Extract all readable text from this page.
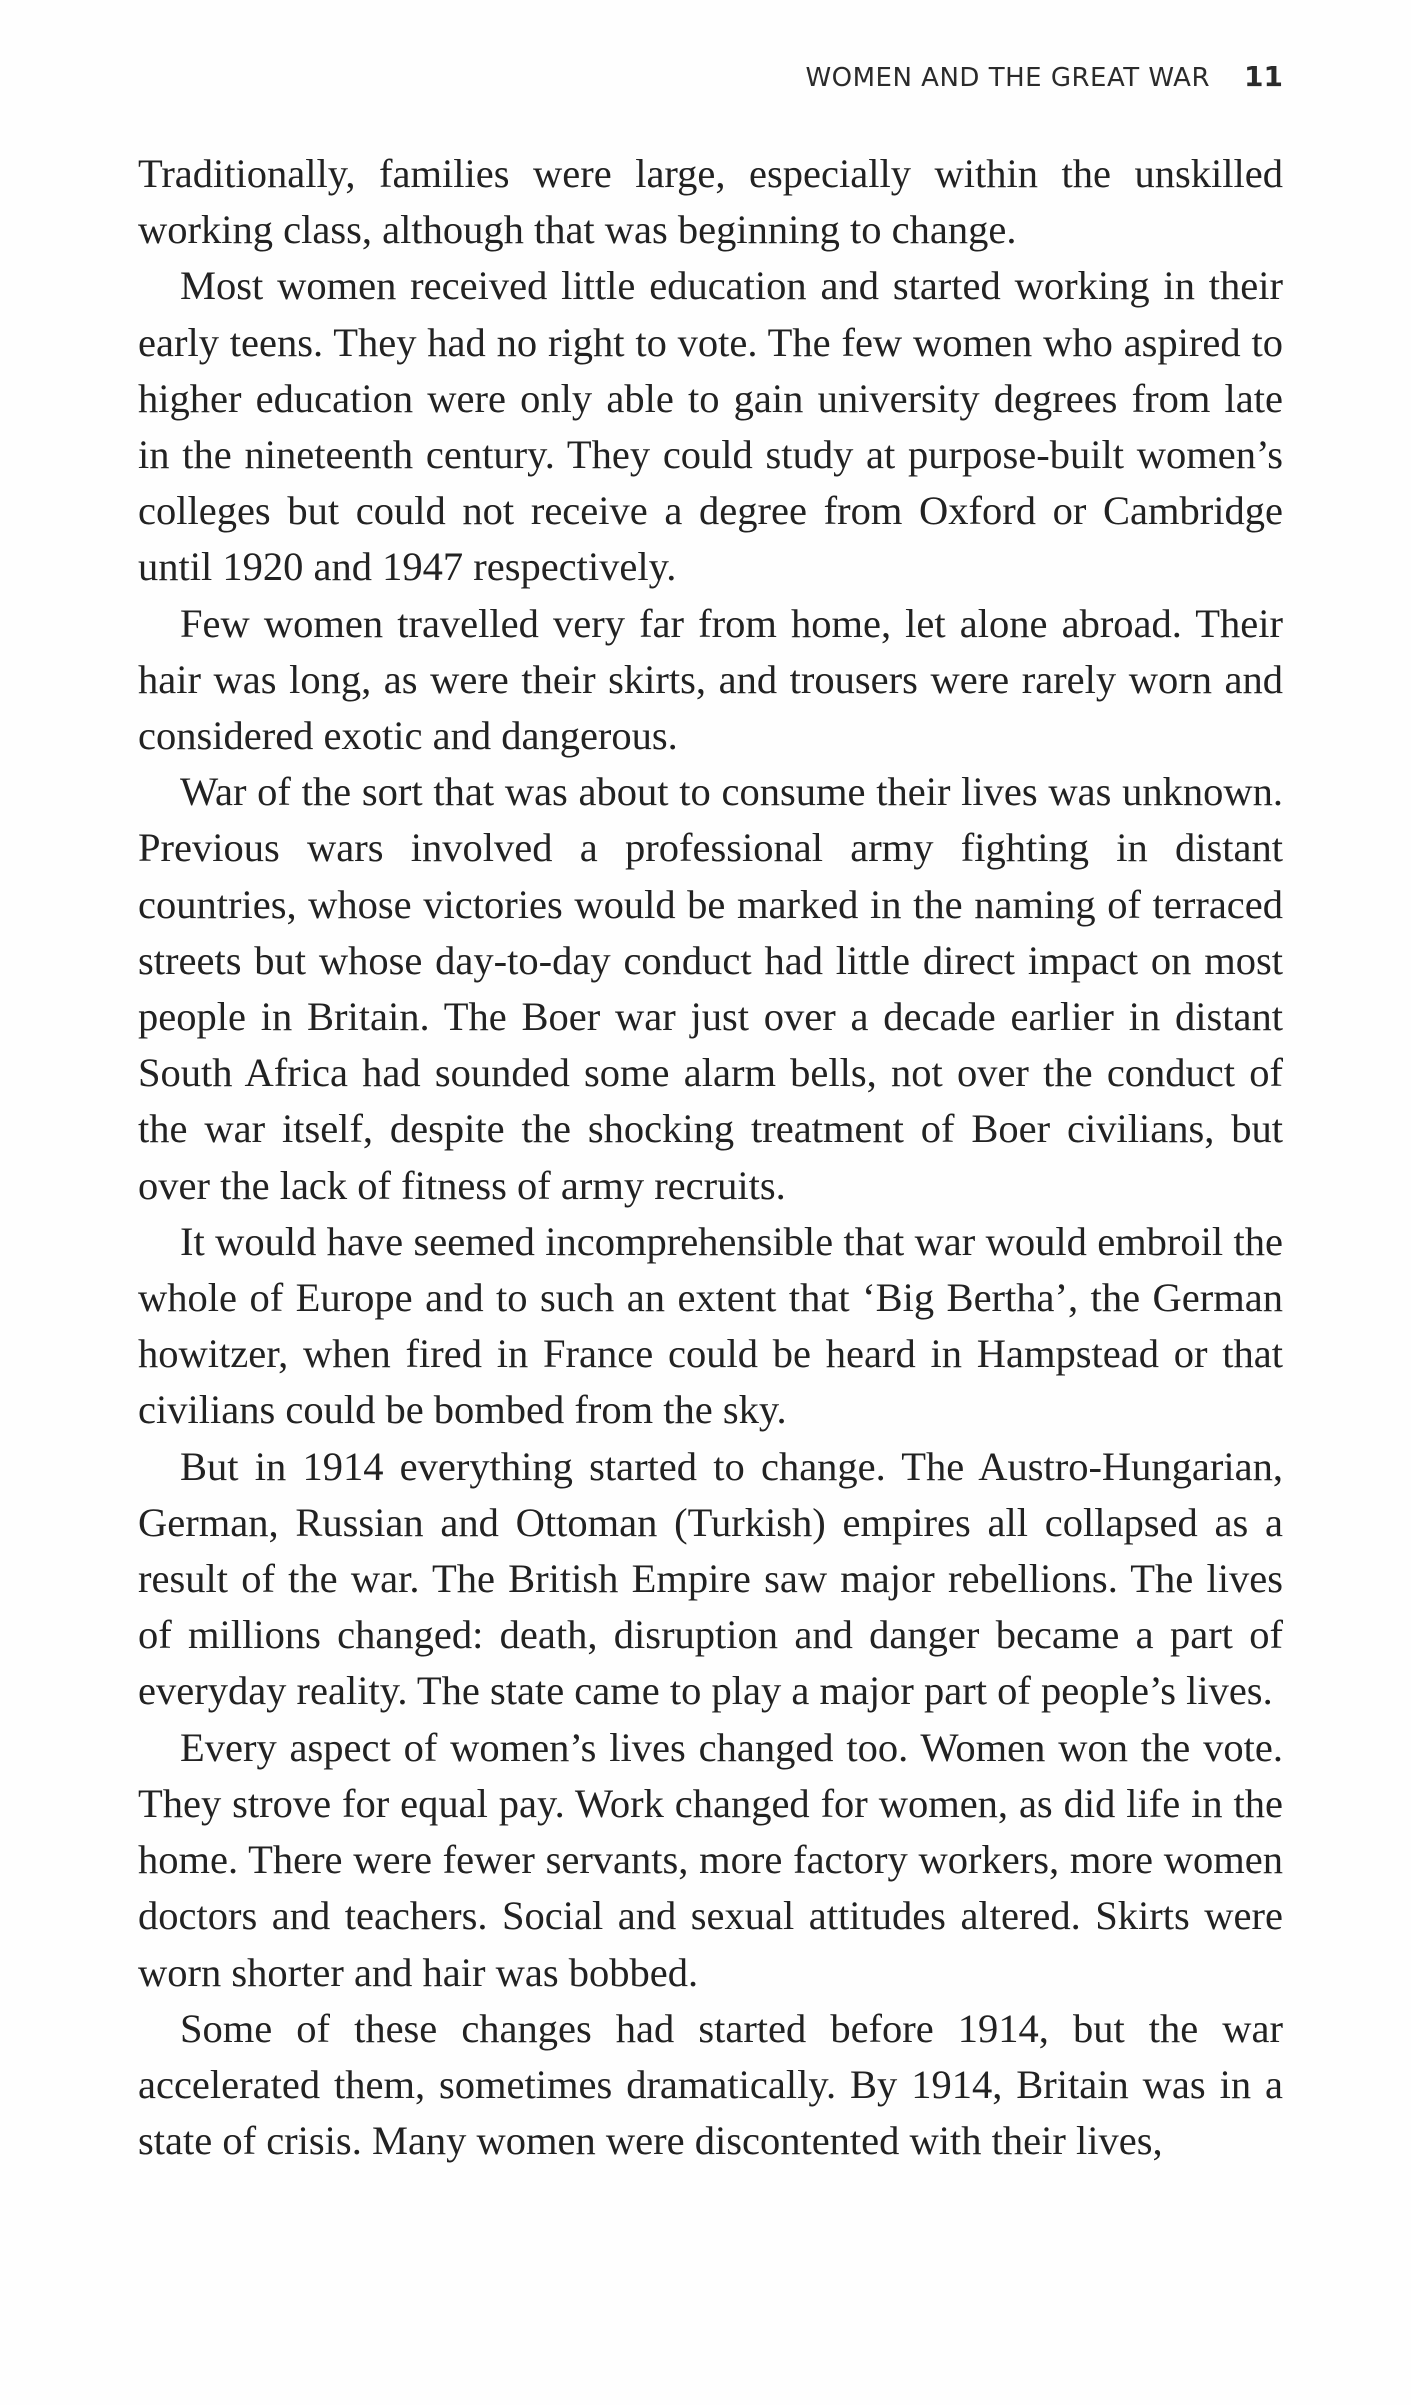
WOMEN AND THE GREAT WAR 11

Traditionally, families were large, especially within the unskilled working class, although that was beginning to change.

Most women received little education and started working in their early teens. They had no right to vote. The few women who aspired to higher education were only able to gain university degrees from late in the nineteenth century. They could study at purpose-built women’s colleges but could not receive a degree from Oxford or Cambridge until 1920 and 1947 respectively.

Few women travelled very far from home, let alone abroad. Their hair was long, as were their skirts, and trousers were rarely worn and considered exotic and dangerous.

War of the sort that was about to consume their lives was unknown. Previous wars involved a professional army fighting in distant countries, whose victories would be marked in the naming of terraced streets but whose day-to-day conduct had little direct impact on most people in Britain. The Boer war just over a decade earlier in distant South Africa had sounded some alarm bells, not over the conduct of the war itself, despite the shocking treatment of Boer civilians, but over the lack of fitness of army recruits.

It would have seemed incomprehensible that war would embroil the whole of Europe and to such an extent that ‘Big Bertha’, the German howitzer, when fired in France could be heard in Hampstead or that civilians could be bombed from the sky.

But in 1914 everything started to change. The Austro-Hungarian, German, Russian and Ottoman (Turkish) empires all collapsed as a result of the war. The British Empire saw major rebellions. The lives of millions changed: death, disruption and danger became a part of everyday reality. The state came to play a major part of people’s lives.

Every aspect of women’s lives changed too. Women won the vote. They strove for equal pay. Work changed for women, as did life in the home. There were fewer servants, more factory workers, more women doctors and teachers. Social and sexual attitudes altered. Skirts were worn shorter and hair was bobbed.

Some of these changes had started before 1914, but the war accelerated them, sometimes dramatically. By 1914, Britain was in a state of crisis. Many women were discontented with their lives,
